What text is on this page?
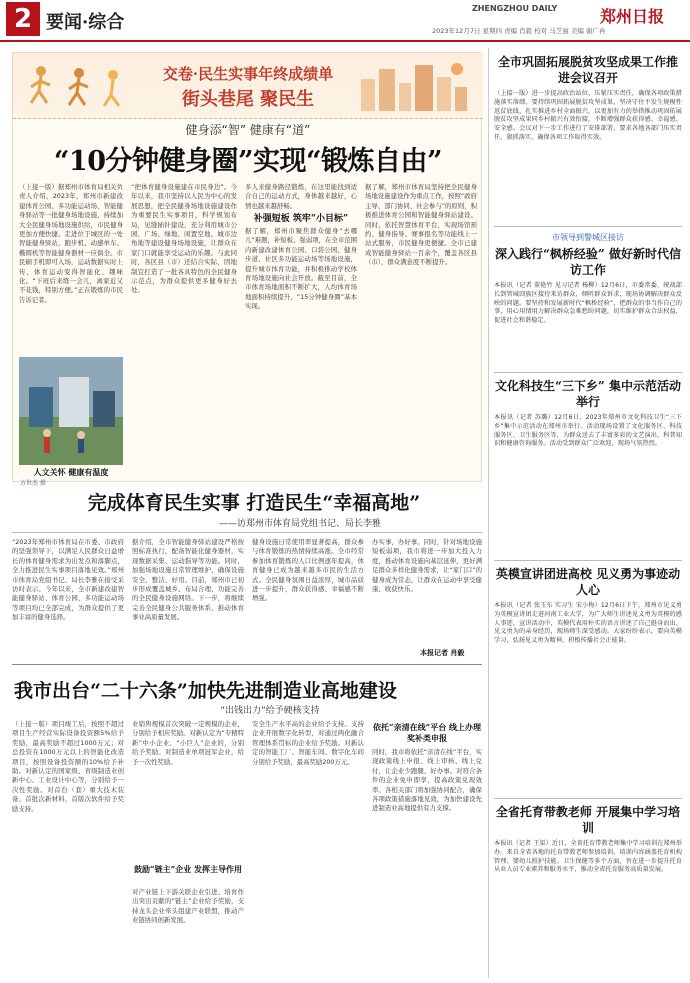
2 要闻·综合
ZHENGZHOU DAILY	郑州日报
2023年12月7日 星期四 责编 肖毅 校对 马芝丽 美编 谢广冉
交卷·民生实事年终成绩单
街头巷尾 聚民生
健身添“智” 健康有“道”
“10分钟健身圈”实现“锻炼自由”
（上接一版）据郑州市体育局相关负责人介绍，2023年，郑州市新建改建体育公园、多功能运动场、智能健身驿站等一批健身场地设施，持续加大全民健身场地设施供给，市民健身更加方便快捷。走进位于城区的一处智能健身驿站，跑步机、动感单车、椭圆机等智能健身器材一应俱全。市民刷手机即可入场，运动数据实时上传，体育运动变得智能化、趣味化。“下班后来练一会儿，离家近又不花钱，特别方便。”正在锻炼的市民告诉记者。
人文关怀 健康有温度
“把体育健身设施建在市民身边”。今年以来，我市坚持以人民为中心的发展思想，把全民健身场地设施建设作为重要民生实事项目，科学规划布局，见缝插针建设，充分利用城市公园、广场、绿地、闲置空地、城市边角地等建设健身场地设施，让群众在家门口就能享受运动的乐趣。与此同时，各区县（市）还结合实际，因地制宜打造了一批各具特色的全民健身示范点，为群众提供更多健身好去处。
多人来健身路径锻炼，在这里能找到适合自己的运动方式，身体越来越好，心情也越来越舒畅。
补强短板 筑牢“小目标”
据了解，郑州市聚焦群众健身“去哪儿”难题，补短板、强弱项，在全市范围内新建改建体育公园、口袋公园、健身步道、社区多功能运动场等场地设施，提升城市体育功能，并积极推动学校体育场地设施向社会开放。截至目前，全市体育场地面积不断扩大，人均体育场地面积持续提升，“15分钟健身圈”基本实现。
据了解，郑州市体育局坚持把全民健身场地设施建设作为重点工作，按照“政府主导、部门协同、社会参与”的原则，积极推进体育公园和智能健身驿站建设。同时，依托智慧体育平台，实现场馆预约、健身指导、赛事报名等功能线上一站式服务，市民健身更便捷。全市已建成智能健身驿站一百余个，覆盖各区县（市），群众满意度不断提升。
完成体育民生实事 打造民生“幸福高地”
——访郑州市体育局党组书记、局长李雅
“2023年郑州市体育局在市委、市政府的坚强领导下，以满足人民群众日益增长的体育健身需求为出发点和落脚点，全力推进民生实事项目落地见效。”郑州市体育局党组书记、局长李雅在接受采访时表示。今年以来，全市新建改建智能健身驿站、体育公园、多功能运动场等项目均已全部完成，为群众提供了更加丰富的健身选择。
据介绍，全市智能健身驿站建设严格按照标准执行，配备智能化健身器材，实现数据采集、运动指导等功能。同时，加强场地设施日常管理维护，确保设施安全、整洁、好用。目前，郑州市已初步形成覆盖城乡、布局合理、功能完善的全民健身设施网络。下一步，将继续完善全民健身公共服务体系，推动体育事业高质量发展。
健身设施日常使用率显著提高，群众参与体育锻炼的热情持续高涨。全市经常参加体育锻炼的人口比例逐年提高，体育健身已成为越来越多市民的生活方式。全民健身氛围日益浓厚，城市品质进一步提升，群众获得感、幸福感不断增强。
办实事，办好事。同时，针对场地设施短板弱项，我市将进一步加大投入力度，推动体育设施向基层延伸，更好满足群众多样化健身需求，让“家门口”的健身成为常态，让群众在运动中享受健康、收获快乐。
本报记者 肖毅
我市出台“二十六条”加快先进制造业高地建设
“出钱出力”给予硬核支持
（上接一版）项目竣工后，按照不超过项目生产经营实际设备投资额5%给予奖励，最高奖励不超过1000万元；对总投资在1000万元以上的智能化改造项目，按照设备投资额的10%给予补助。对新认定的国家级、省级制造业创新中心、工业设计中心等，分别给予一次性奖励。对首台（套）重大技术装备、首批次新材料、首版次软件给予奖励支持。
业销售规模首次突破一定规模的企业，分别给予相应奖励。对新认定为“专精特新”中小企业、“小巨人”企业的，分别给予奖励。对制造业单项冠军企业，给予一次性奖励。
鼓励“链主”企业 发挥主导作用
对产业链上下游关联企业引进、培育作出突出贡献的“链主”企业给予奖励，支持龙头企业牵头组建产业联盟，推动产业链协同创新发展。
安全生产水平高的企业给予支持。支持企业开展数字化转型，对通过两化融合管理体系贯标的企业给予奖励。对新认定的智能工厂、智能车间、数字化车间分别给予奖励，最高奖励200万元。
依托“亲清在线”平台 线上办理奖补类申报
同时，我市将依托“亲清在线”平台，实现政策线上申报、线上审核、线上兑付，让企业少跑腿、好办事。对符合条件的企业免申即享，提高政策兑现效率。各相关部门将加强协同配合，确保各项政策措施落地见效，为加快建设先进制造业高地提供有力支撑。
全市巩固拓展脱贫攻坚成果工作推进会议召开
（上接一版）进一步提高政治站位，压紧压实责任，确保各项政策措施落实落细。要持续巩固拓展脱贫攻坚成果，坚决守住不发生规模性返贫底线，扎实推进乡村全面振兴，以更加有力的举措推动巩固拓展脱贫攻坚成果同乡村振兴有效衔接，不断增强群众获得感、幸福感、安全感。会议对下一步工作进行了安排部署，要求各地各部门压实责任，狠抓落实，确保各项工作取得实效。
市领导到警城区接访
深入践行“枫桥经验” 做好新时代信访工作
本报讯（记者 董艳竹 见习记者 杨柳）12月6日，市委常委、统战部长到管城回族区接待来访群众，倾听群众诉求，现场协调解决群众反映的问题。要坚持和发展新时代“枫桥经验”，把群众的事当作自己的事，用心用情用力解决群众急难愁盼问题，切实维护群众合法权益，促进社会和谐稳定。
文化科技生“三下乡” 集中示范活动举行
本报讯（记者 苏璐）12月6日，2023年郑州市文化科技卫生“三下乡”集中示范活动在郑州市举行。活动现场设置了文化服务区、科技服务区、卫生服务区等，为群众送去了丰富多彩的文艺演出、科普知识和健康咨询服务。活动受到群众广泛欢迎，现场气氛热烈。
英模宣讲团进高校 见义勇为事迹动人心
本报讯（记者 张玉东 实习生 宋小梅）12月6日下午，郑州市见义勇为英模宣讲团走进河南工业大学，为广大师生讲述见义勇为英模的感人事迹。宣讲活动中，英模代表用朴实的语言讲述了自己挺身而出、见义勇为的亲身经历，现场师生深受感动。大家纷纷表示，要向英模学习，弘扬见义勇为精神，积极传播社会正能量。
全省托育带教老师 开展集中学习培训
本报讯（记者 王渠）近日，全省托育带教老师集中学习培训在郑州举办。来自全省各地的托育带教老师参加培训。培训内容涵盖托育机构管理、婴幼儿照护技能、卫生保健等多个方面，旨在进一步提升托育从业人员专业素养和服务水平，推动全省托育服务高质量发展。
方世杰 摄
